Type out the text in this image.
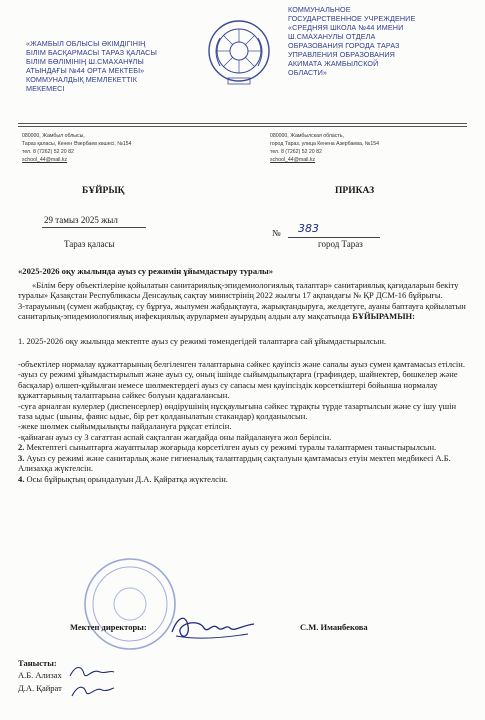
«ЖАМБЫЛ ОБЛЫСЫ ӘКІМДІГІНІҢ
БІЛІМ БАСҚАРМАСЫ ТАРАЗ ҚАЛАСЫ
БІЛІМ БӨЛІМІНІҢ Ш.СМАХАНҰЛЫ
АТЫНДАҒЫ №44 ОРТА МЕКТЕБІ»
КОММУНАЛДЫҚ МЕМЛЕКЕТТІК
МЕКЕМЕСІ
КОММУНАЛЬНОЕ
ГОСУДАРСТВЕННОЕ УЧРЕЖДЕНИЕ
«СРЕДНЯЯ ШКОЛА №44 ИМЕНИ
Ш.СМАХАНУЛЫ ОТДЕЛА
ОБРАЗОВАНИЯ ГОРОДА ТАРАЗ
УПРАВЛЕНИЯ ОБРАЗОВАНИЯ
АКИМАТА ЖАМБЫЛСКОЙ
ОБЛАСТИ»
080000, Жамбыл облысы,
Тараз қаласы, Кенен Әзербаев көшесі, №154
тел. 8 (7262) 52 20 82
school_44@mail.kz
080000, Жамбылская область,
город Тараз, улица Кенена Азербаева, №154
тел. 8 (7262) 52 20 82
school_44@mail.kz
БҰЙРЫҚ	ПРИКАЗ
29 тамыз 2025 жыл
№ 383
Тараз қаласы	город Тараз
«2025-2026 оқу жылында ауыз су режимін ұйымдастыру туралы»

«Білім беру объектілеріне қойылатын санитариялық-эпидемиологиялық талаптар» санитариялық қағидаларын бекіту туралы» Қазақстан Республикасы Денсаулық сақтау министрінің 2022 жылғы 17 ақпандағы № ҚР ДСМ-16 бұйрығы.

3-тарауының (сумен жабдықтау, су бұрғуа, жылумен жабдықтауға, жарықтандыруға, желдетуге, ауаны баптауға қойылатын санитарлық-эпидемиологиялық инфекциялық аурулармен ауырудың алдын алу мақсатында БҰЙЫРАМЫН:

1. 2025-2026 оқу жылында мектепте ауыз су режимі төмендегідей талаптарға сай ұйымдастырылсын.

-объектілер нормалау құжаттарының белгіленген талаптарына сәйкес қауіпсіз және сапалы ауыз сумен қамтамасыз етілсін.

-ауыз су режимі ұйымдастырылып және ауыз су, оның ішінде сыйымдылықтарға (графиндер, шайнектер, бөшкелер және басқалар) өлшеп-құйылған немесе шөлмектердегі ауыз су сапасы мен қауіпсіздік көрсеткіштері бойынша нормалау құжаттарының талаптарына сәйкес болуын қадағалансын.

-суға арналған кулерлер (диспенсерлер) өндірушінің нұсқаулығына сәйкес тұрақты түрде тазартылсын және су ішу үшін таза ыдыс (шыны, фаянс ыдыс, бір рет қолданылатын стакандар) қолданылсын.

-жеке шөлмек сыйымдылықты пайдалануға рұқсат етілсін.

-қайнаған ауыз су 3 сағаттан аспай сақталған жағдайда оны пайдалануға жол берілсін.

2. Мектептегі сыныптарға жауаптылар жоғарыда көрсетілген ауыз су режимі туралы талаптармен таныстырылсын.

3. Ауыз су режимі және санитарлық және гигиеналық талаптардың сақталуын қамтамасыз етуін мектеп медбикесі А.Б. Ализахқа жүктелсін.

4. Осы бұйрықтың орындалуын Д.А. Қайратқа жүктелсін.

Мектеп директоры:	С.М. Иманбекова
Танысты:
А.Б. Ализах
Д.А. Қайрат
